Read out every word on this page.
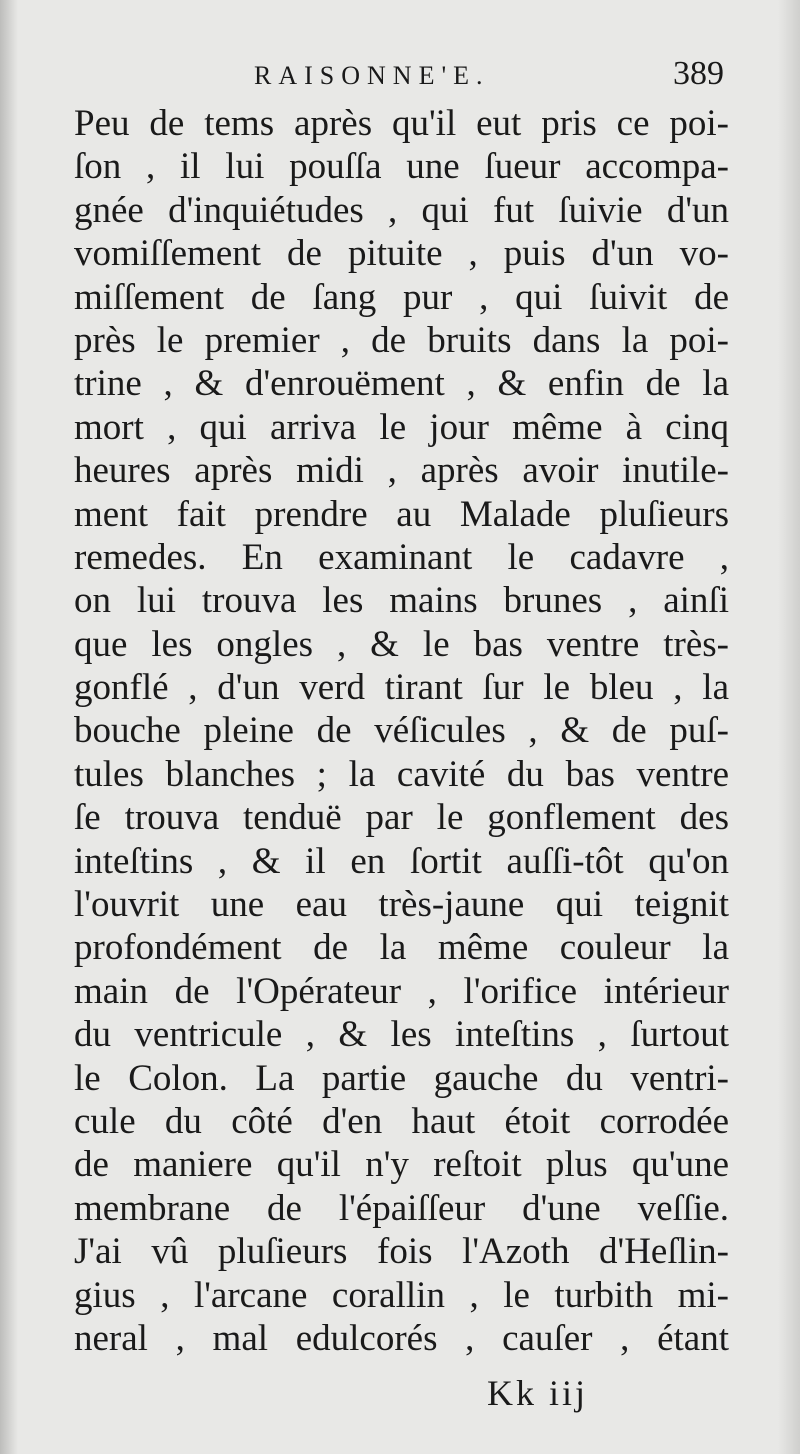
RAISONNE'E.	389
Peu de tems après qu'il eut pris ce poi-
ſon , il lui pouſſa une ſueur accompa-
gnée d'inquiétudes , qui fut ſuivie d'un
vomiſſement de pituite , puis d'un vo-
miſſement de ſang pur , qui ſuivit de
près le premier , de bruits dans la poi-
trine , & d'enrouëment , & enfin de la
mort , qui arriva le jour même à cinq
heures après midi , après avoir inutile-
ment fait prendre au Malade pluſieurs
remedes. En examinant le cadavre ,
on lui trouva les mains brunes , ainſi
que les ongles , & le bas ventre très-
gonflé , d'un verd tirant ſur le bleu , la
bouche pleine de véſicules , & de puſ-
tules blanches ; la cavité du bas ventre
ſe trouva tenduë par le gonflement des
inteſtins , & il en ſortit auſſi-tôt qu'on
l'ouvrit une eau très-jaune qui teignit
profondément de la même couleur la
main de l'Opérateur , l'orifice intérieur
du ventricule , & les inteſtins , ſurtout
le Colon. La partie gauche du ventri-
cule du côté d'en haut étoit corrodée
de maniere qu'il n'y reſtoit plus qu'une
membrane de l'épaiſſeur d'une veſſie.
J'ai vû pluſieurs fois l'Azoth d'Heſlin-
gius , l'arcane corallin , le turbith mi-
neral , mal edulcorés , cauſer , étant
Kk iij
